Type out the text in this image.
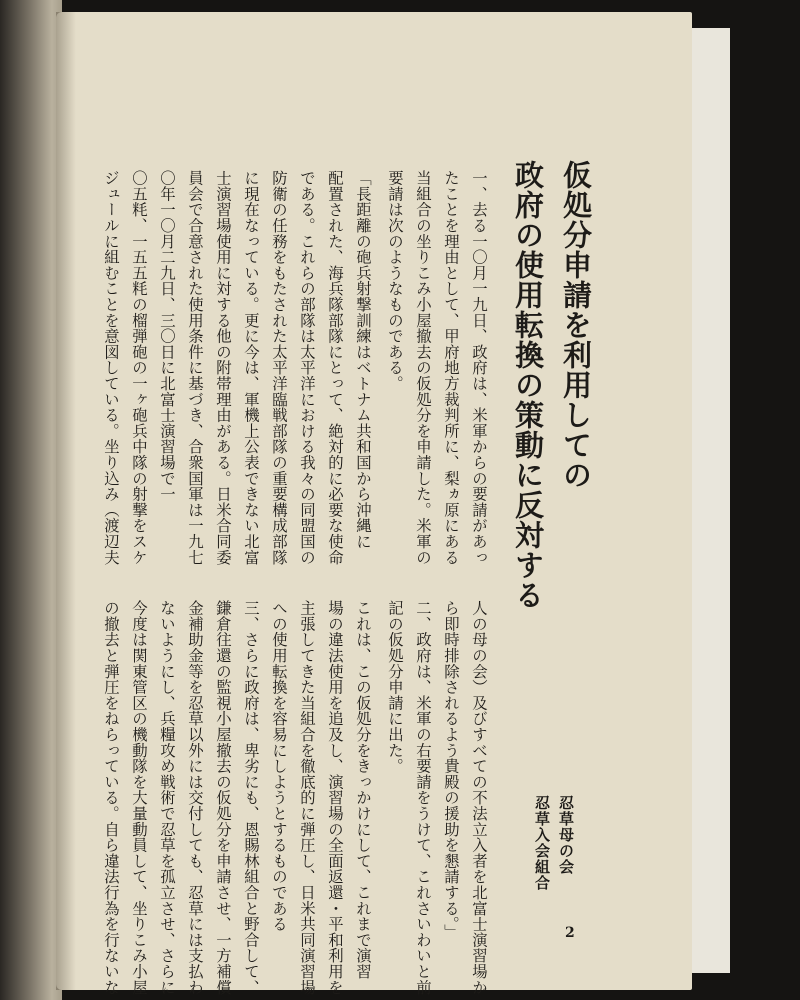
仮処分申請を利用しての
政府の使用転換の策動に反対する
忍草母の会
忍草入会組合
一、去る一〇月一九日、政府は、米軍からの要請があっ
たことを理由として、甲府地方裁判所に、梨ヵ原にある
当組合の坐りこみ小屋撤去の仮処分を申請した。米軍の
要請は次のようなものである。
「長距離の砲兵射撃訓練はベトナム共和国から沖縄に
配置された、海兵隊部隊にとって、絶対的に必要な使命
である。これらの部隊は太平洋における我々の同盟国の
防衛の任務をもたされた太平洋臨戦部隊の重要構成部隊
に現在なっている。更に今は、軍機上公表できない北富
士演習場使用に対する他の附帯理由がある。日米合同委
員会で合意された使用条件に基づき、合衆国軍は一九七
〇年一〇月二九日、三〇日に北富士演習場で一
〇五粍、一五五粍の榴弾砲の一ヶ砲兵中隊の射撃をスケ
ジュールに組むことを意図している。坐り込み（渡辺夫
人の母の会）及びすべての不法立入者を北富士演習場か
ら即時排除されるよう貴殿の援助を懇請する。」
二、政府は、米軍の右要請をうけて、これさいわいと前
記の仮処分申請に出た。
これは、この仮処分をきっかけにして、これまで演習
場の違法使用を追及し、演習場の全面返還・平和利用を
主張してきた当組合を徹底的に弾圧し、日米共同演習場
への使用転換を容易にしようとするものである
三、さらに政府は、卑劣にも、恩賜林組合と野合して、
鎌倉往還の監視小屋撤去の仮処分を申請させ、一方補償
金補助金等を忍草以外には交付しても、忍草には支払わ
ないようにし、兵糧攻め戦術で忍草を孤立させ、さらに
今度は関東管区の機動隊を大量動員して、坐りこみ小屋
の撤去と弾圧をねらっている。自ら違法行為を行ないな	2
